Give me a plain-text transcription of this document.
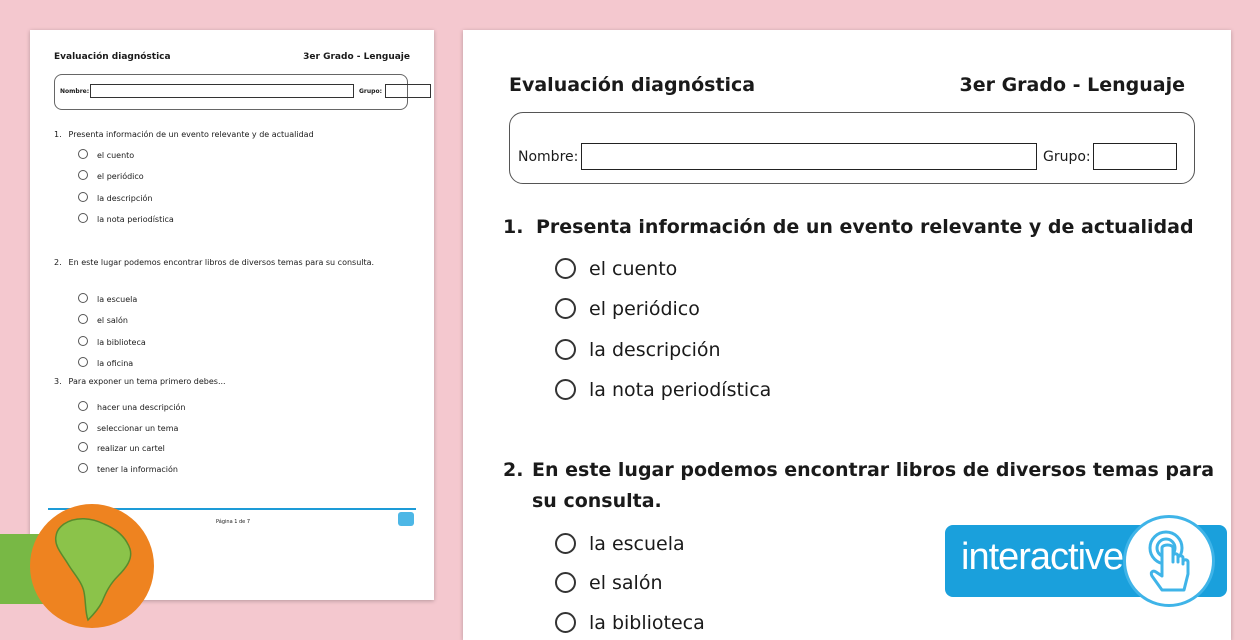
Evaluación diagnóstica	3er Grado - Lenguaje
Nombre:	Grupo:
1. Presenta información de un evento relevante y de actualidad
el cuento
el periódico
la descripción
la nota periodística
2. En este lugar podemos encontrar libros de diversos temas para su consulta.
la escuela
el salón
la biblioteca
la oficina
3. Para exponer un tema primero debes...
hacer una descripción
seleccionar un tema
realizar un cartel
tener la información
Página 1 de 7
Evaluación diagnóstica	3er Grado - Lenguaje
Nombre:	Grupo:
1. Presenta información de un evento relevante y de actualidad
el cuento
el periódico
la descripción
la nota periodística
2. En este lugar podemos encontrar libros de diversos temas para su consulta.
la escuela
el salón
la biblioteca
interactive
